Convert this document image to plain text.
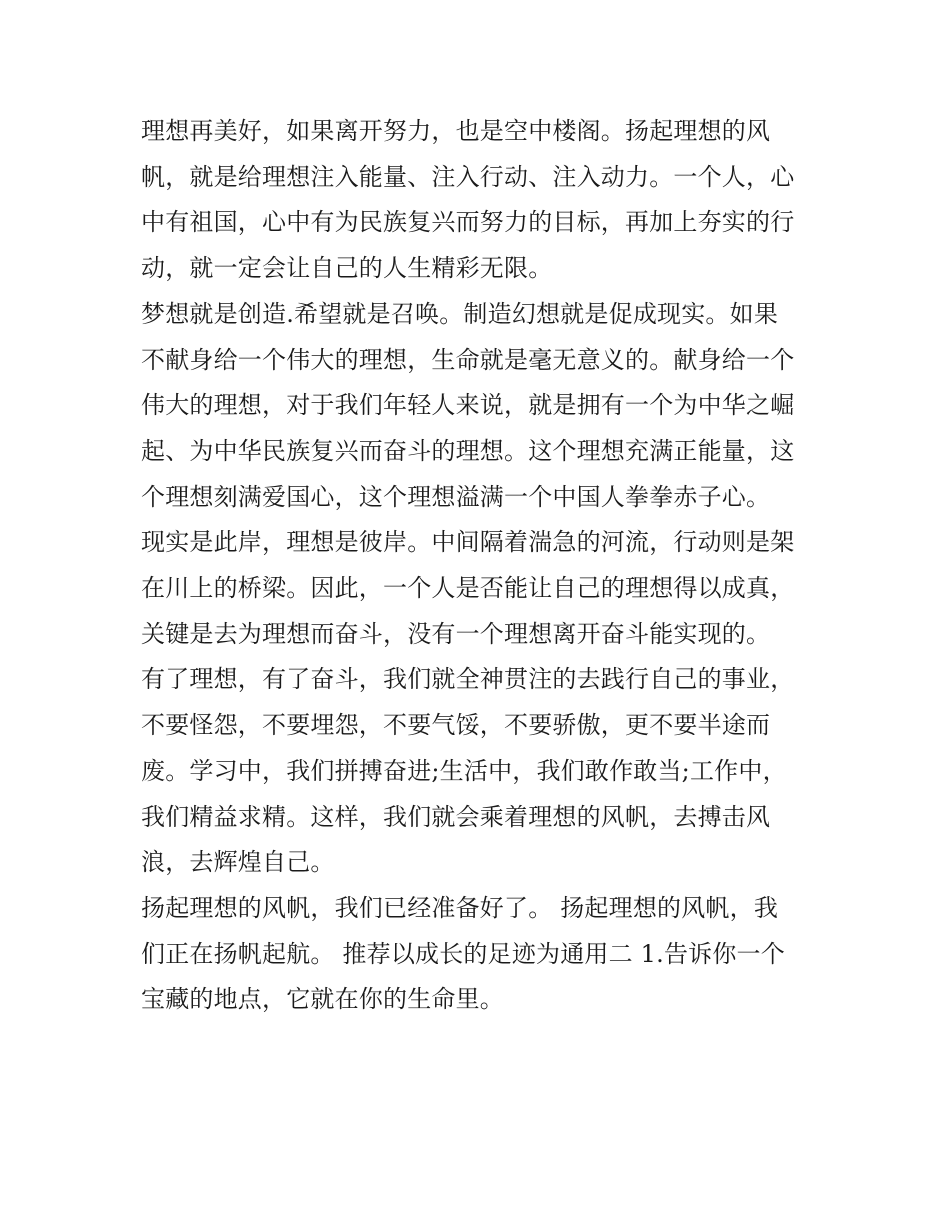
理想再美好，如果离开努力，也是空中楼阁。扬起理想的风
帆，就是给理想注入能量、注入行动、注入动力。一个人，心
中有祖国，心中有为民族复兴而努力的目标，再加上夯实的行
动，就一定会让自己的人生精彩无限。
梦想就是创造.希望就是召唤。制造幻想就是促成现实。如果
不献身给一个伟大的理想，生命就是毫无意义的。献身给一个
伟大的理想，对于我们年轻人来说，就是拥有一个为中华之崛
起、为中华民族复兴而奋斗的理想。这个理想充满正能量，这
个理想刻满爱国心，这个理想溢满一个中国人拳拳赤子心。
现实是此岸，理想是彼岸。中间隔着湍急的河流，行动则是架
在川上的桥梁。因此，一个人是否能让自己的理想得以成真，
关键是去为理想而奋斗，没有一个理想离开奋斗能实现的。
有了理想，有了奋斗，我们就全神贯注的去践行自己的事业，
不要怪怨，不要埋怨，不要气馁，不要骄傲，更不要半途而
废。学习中，我们拼搏奋进;生活中，我们敢作敢当;工作中，
我们精益求精。这样，我们就会乘着理想的风帆，去搏击风
浪，去辉煌自己。
扬起理想的风帆，我们已经准备好了。 扬起理想的风帆，我
们正在扬帆起航。 推荐以成长的足迹为通用二 1.告诉你一个
宝藏的地点，它就在你的生命里。
